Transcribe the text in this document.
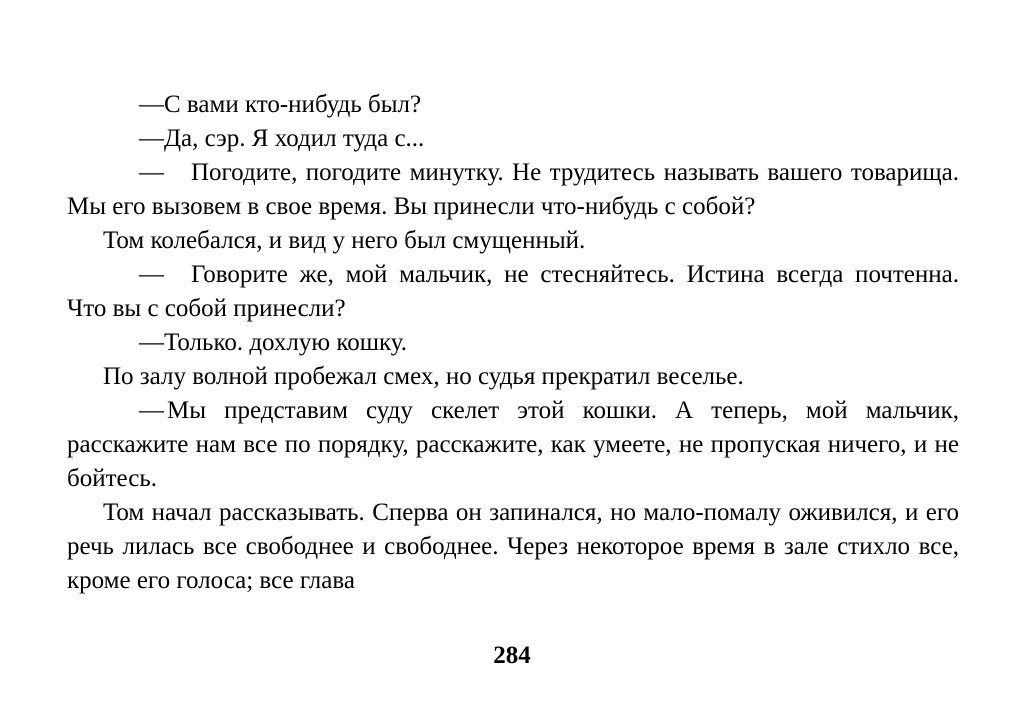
—С вами кто-нибудь был?

—Да, сэр. Я ходил туда с...

— Погодите, погодите минутку. Не трудитесь называть вашего товарища. Мы его вызовем в свое время. Вы принесли что-нибудь с собой?

Том колебался, и вид у него был смущенный.

— Говорите же, мой мальчик, не стесняйтесь. Истина всегда почтенна. Что вы с собой принесли?

—Только. дохлую кошку.

По залу волной пробежал смех, но судья прекратил веселье.

— Мы представим суду скелет этой кошки. А теперь, мой мальчик, расскажите нам все по порядку, расскажите, как умеете, не пропуская ничего, и не бойтесь.

Том начал рассказывать. Сперва он запинался, но мало-помалу оживился, и его речь лилась все свободнее и свободнее. Через некоторое время в зале стихло все, кроме его голоса; все глава

284
